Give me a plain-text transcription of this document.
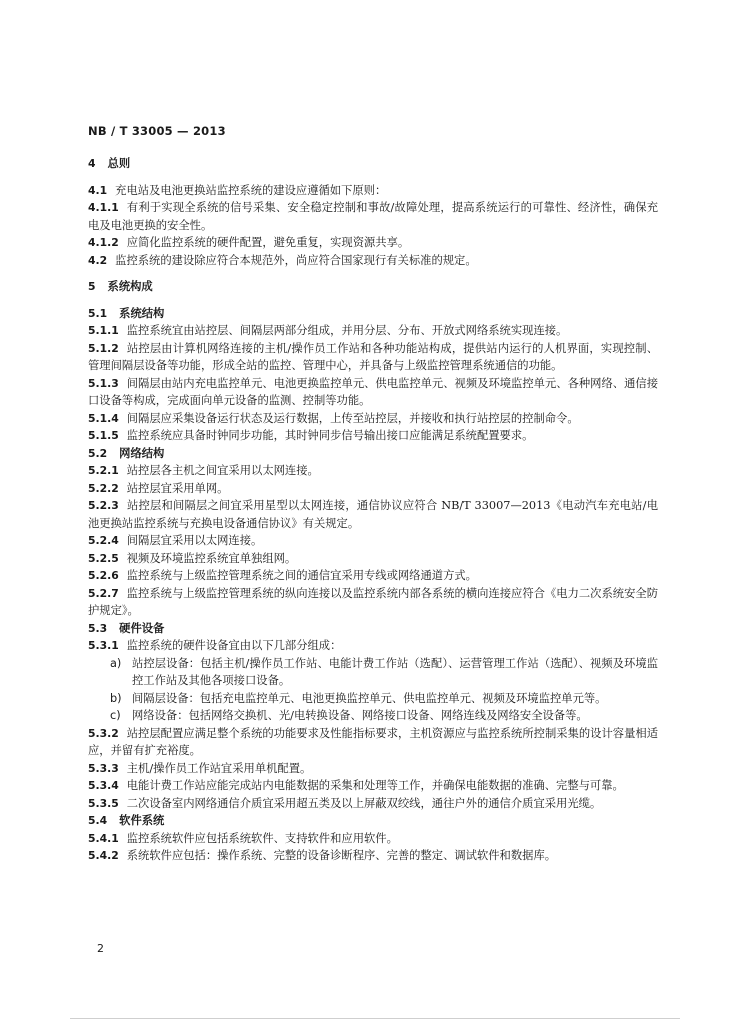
NB / T 33005 — 2013
4 总则
4.1 充电站及电池更换站监控系统的建设应遵循如下原则：
4.1.1 有利于实现全系统的信号采集、安全稳定控制和事故/故障处理，提高系统运行的可靠性、经济性，确保充电及电池更换的安全性。
4.1.2 应简化监控系统的硬件配置，避免重复，实现资源共享。
4.2 监控系统的建设除应符合本规范外，尚应符合国家现行有关标准的规定。
5 系统构成
5.1 系统结构
5.1.1 监控系统宜由站控层、间隔层两部分组成，并用分层、分布、开放式网络系统实现连接。
5.1.2 站控层由计算机网络连接的主机/操作员工作站和各种功能站构成，提供站内运行的人机界面，实现控制、管理间隔层设备等功能，形成全站的监控、管理中心，并具备与上级监控管理系统通信的功能。
5.1.3 间隔层由站内充电监控单元、电池更换监控单元、供电监控单元、视频及环境监控单元、各种网络、通信接口设备等构成，完成面向单元设备的监测、控制等功能。
5.1.4 间隔层应采集设备运行状态及运行数据，上传至站控层，并接收和执行站控层的控制命令。
5.1.5 监控系统应具备时钟同步功能，其时钟同步信号输出接口应能满足系统配置要求。
5.2 网络结构
5.2.1 站控层各主机之间宜采用以太网连接。
5.2.2 站控层宜采用单网。
5.2.3 站控层和间隔层之间宜采用星型以太网连接，通信协议应符合 NB/T 33007—2013《电动汽车充电站/电池更换站监控系统与充换电设备通信协议》有关规定。
5.2.4 间隔层宜采用以太网连接。
5.2.5 视频及环境监控系统宜单独组网。
5.2.6 监控系统与上级监控管理系统之间的通信宜采用专线或网络通道方式。
5.2.7 监控系统与上级监控管理系统的纵向连接以及监控系统内部各系统的横向连接应符合《电力二次系统安全防护规定》。
5.3 硬件设备
5.3.1 监控系统的硬件设备宜由以下几部分组成：
a) 站控层设备：包括主机/操作员工作站、电能计费工作站（选配）、运营管理工作站（选配）、视频及环境监控工作站及其他各项接口设备。
b) 间隔层设备：包括充电监控单元、电池更换监控单元、供电监控单元、视频及环境监控单元等。
c) 网络设备：包括网络交换机、光/电转换设备、网络接口设备、网络连线及网络安全设备等。
5.3.2 站控层配置应满足整个系统的功能要求及性能指标要求，主机资源应与监控系统所控制采集的设计容量相适应，并留有扩充裕度。
5.3.3 主机/操作员工作站宜采用单机配置。
5.3.4 电能计费工作站应能完成站内电能数据的采集和处理等工作，并确保电能数据的准确、完整与可靠。
5.3.5 二次设备室内网络通信介质宜采用超五类及以上屏蔽双绞线，通往户外的通信介质宜采用光缆。
5.4 软件系统
5.4.1 监控系统软件应包括系统软件、支持软件和应用软件。
5.4.2 系统软件应包括：操作系统、完整的设备诊断程序、完善的整定、调试软件和数据库。
2
